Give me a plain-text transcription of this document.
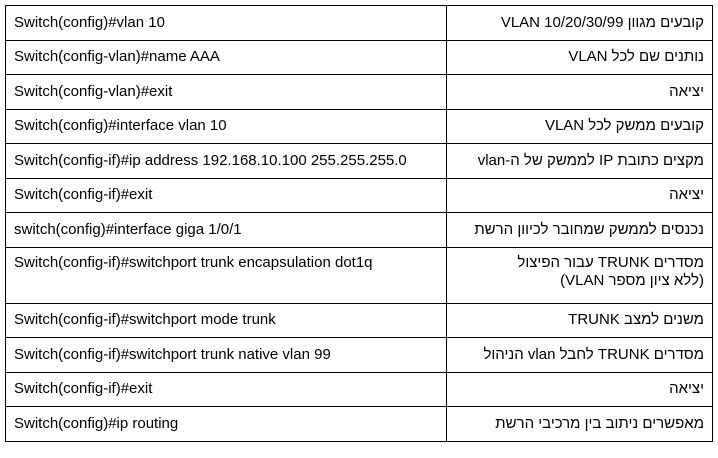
Switch(config)#vlan 10	קובעים מגוון VLAN 10/20/30/99
Switch(config-vlan)#name AAA	נותנים שם לכל VLAN
Switch(config-vlan)#exit	יציאה
Switch(config)#interface vlan 10	קובעים ממשק לכל VLAN
Switch(config-if)#ip address 192.168.10.100 255.255.255.0	מקצים כתובת IP לממשק של ה-vlan
Switch(config-if)#exit	יציאה
switch(config)#interface giga 1/0/1	נכנסים לממשק שמחובר לכיוון הרשת
Switch(config-if)#switchport trunk encapsulation dot1q	מסדרים TRUNK עבור הפיצול
(ללא ציון מספר VLAN)

Switch(config-if)#switchport mode trunk	משנים למצב TRUNK
Switch(config-if)#switchport trunk native vlan 99	מסדרים TRUNK לחבל vlan הניהול
Switch(config-if)#exit	יציאה
Switch(config)#ip routing	מאפשרים ניתוב בין מרכיבי הרשת
